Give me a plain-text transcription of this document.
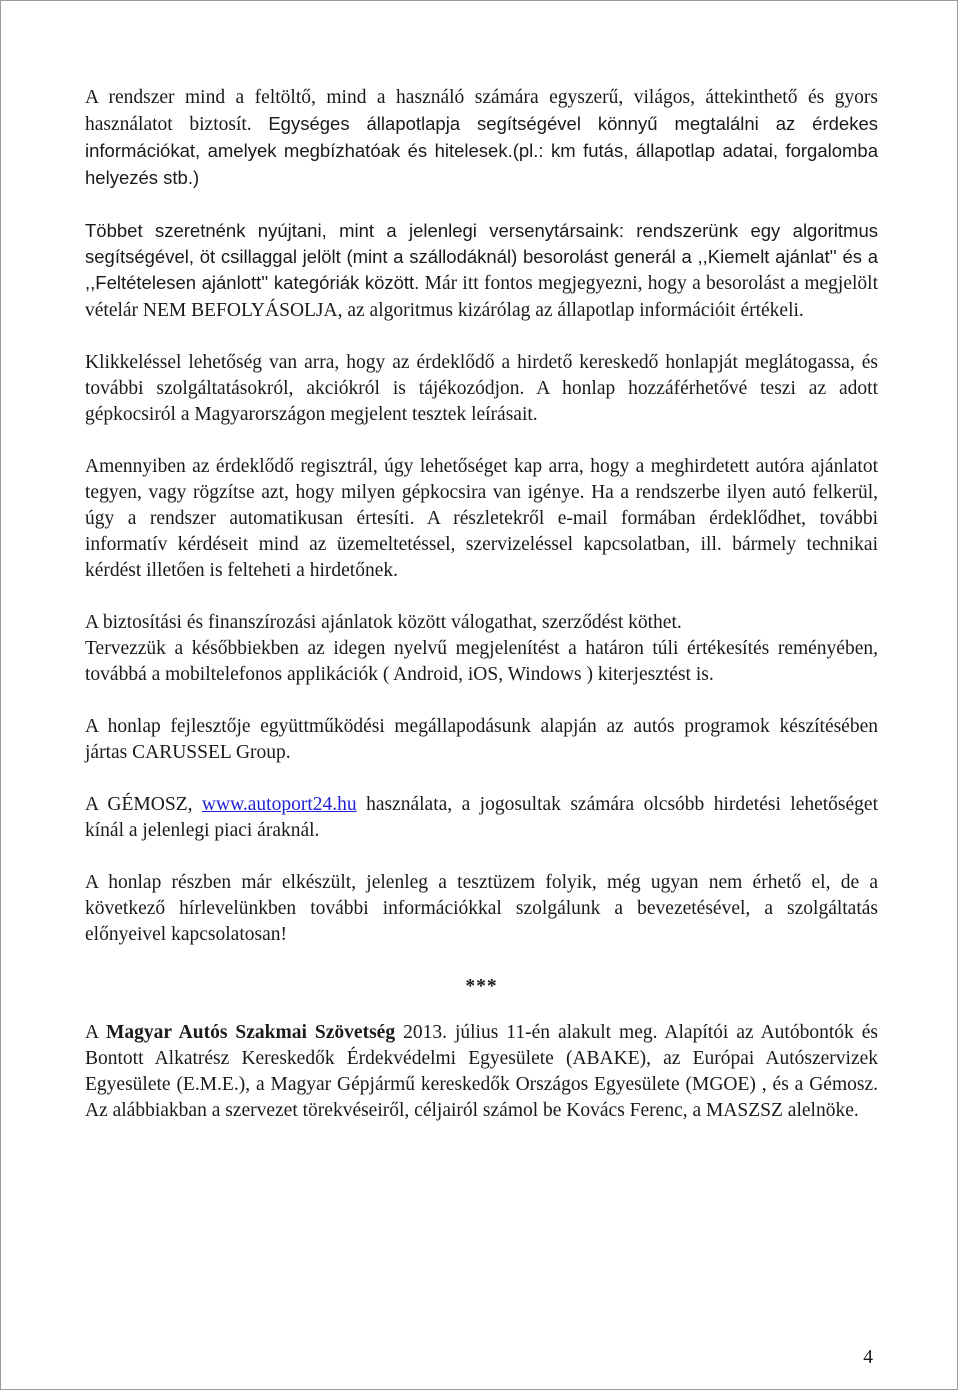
A rendszer mind a feltöltő, mind a használó számára egyszerű, világos, áttekinthető és gyors használatot biztosít. Egységes állapotlapja segítségével könnyű megtalálni az érdekes információkat, amelyek megbízhatóak és hitelesek.(pl.: km futás, állapotlap adatai, forgalomba helyezés stb.)

Többet szeretnénk nyújtani, mint a jelenlegi versenytársaink: rendszerünk egy algoritmus segítségével, öt csillaggal jelölt (mint a szállodáknál) besorolást generál a ,,Kiemelt ajánlat'' és a ,,Feltételesen ajánlott'' kategóriák között. Már itt fontos megjegyezni, hogy a besorolást a megjelölt vételár NEM BEFOLYÁSOLJA, az algoritmus kizárólag az állapotlap információit értékeli.

Klikkeléssel lehetőség van arra, hogy az érdeklődő a hirdető kereskedő honlapját meglátogassa, és további szolgáltatásokról, akciókról is tájékozódjon. A honlap hozzáférhetővé teszi az adott gépkocsiról a Magyarországon megjelent tesztek leírásait.

Amennyiben az érdeklődő regisztrál, úgy lehetőséget kap arra, hogy a meghirdetett autóra ajánlatot tegyen, vagy rögzítse azt, hogy milyen gépkocsira van igénye. Ha a rendszerbe ilyen autó felkerül, úgy a rendszer automatikusan értesíti. A részletekről e-mail formában érdeklődhet, további informatív kérdéseit mind az üzemeltetéssel, szervizeléssel kapcsolatban, ill. bármely technikai kérdést illetően is felteheti a hirdetőnek.

A biztosítási és finanszírozási ajánlatok között válogathat, szerződést köthet.

Tervezzük a későbbiekben az idegen nyelvű megjelenítést a határon túli értékesítés reményében, továbbá a mobiltelefonos applikációk ( Android, iOS, Windows ) kiterjesztést is.

A honlap fejlesztője együttműködési megállapodásunk alapján az autós programok készítésében jártas CARUSSEL Group.

A GÉMOSZ, www.autoport24.hu használata, a jogosultak számára olcsóbb hirdetési lehetőséget kínál a jelenlegi piaci áraknál.

A honlap részben már elkészült, jelenleg a tesztüzem folyik, még ugyan nem érhető el, de a következő hírlevelünkben további információkkal szolgálunk a bevezetésével, a szolgáltatás előnyeivel kapcsolatosan!

***

A Magyar Autós Szakmai Szövetség 2013. július 11-én alakult meg. Alapítói az Autóbontók és Bontott Alkatrész Kereskedők Érdekvédelmi Egyesülete (ABAKE), az Európai Autószervizek Egyesülete (E.M.E.), a Magyar Gépjármű kereskedők Országos Egyesülete (MGOE) , és a Gémosz. Az alábbiakban a szervezet törekvéseiről, céljairól számol be Kovács Ferenc, a MASZSZ alelnöke.

4
